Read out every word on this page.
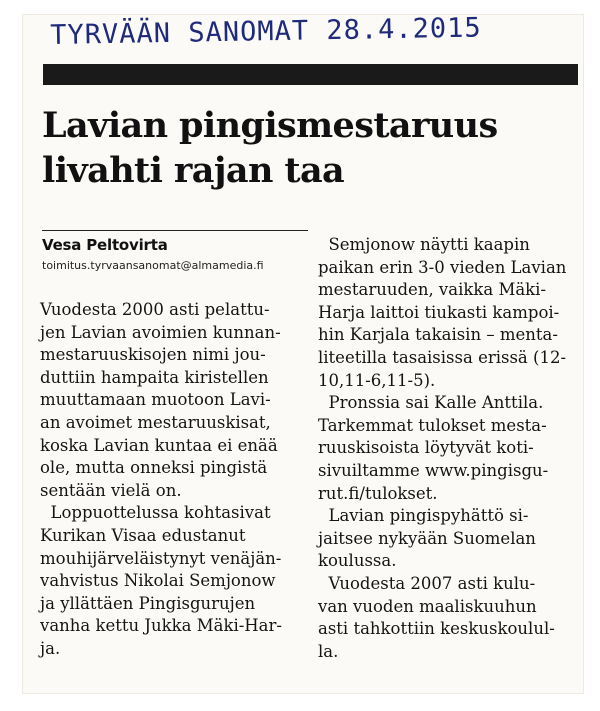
TYRVÄÄN SANOMAT 28.4.2015
Lavian pingismestaruus
livahti rajan taa
Vesa Peltovirta
toimitus.tyrvaansanomat@almamedia.fi

Vuodesta 2000 asti pelattu-
jen Lavian avoimien kunnan-
mestaruuskisojen nimi jou-
duttiin hampaita kiristellen
muuttamaan muotoon Lavi-
an avoimet mestaruuskisat,
koska Lavian kuntaa ei enää
ole, mutta onneksi pingistä
sentään vielä on.

Loppuottelussa kohtasivat
Kurikan Visaa edustanut
mouhijärveläistynyt venäjän-
vahvistus Nikolai Semjonow
ja yllättäen Pingisgurujen
vanha kettu Jukka Mäki-Har-
ja.

Semjonow näytti kaapin
paikan erin 3-0 vieden Lavian
mestaruuden, vaikka Mäki-
Harja laittoi tiukasti kampoi-
hin Karjala takaisin – menta-
liteetilla tasaisissa erissä (12-
10,11-6,11-5).

Pronssia sai Kalle Anttila.
Tarkemmat tulokset mesta-
ruuskisoista löytyvät koti-
sivuiltamme www.pingisgu-
rut.fi/tulokset.

Lavian pingispyhättö si-
jaitsee nykyään Suomelan
koulussa.

Vuodesta 2007 asti kulu-
van vuoden maaliskuuhun
asti tahkottiin keskuskoulul-
la.
